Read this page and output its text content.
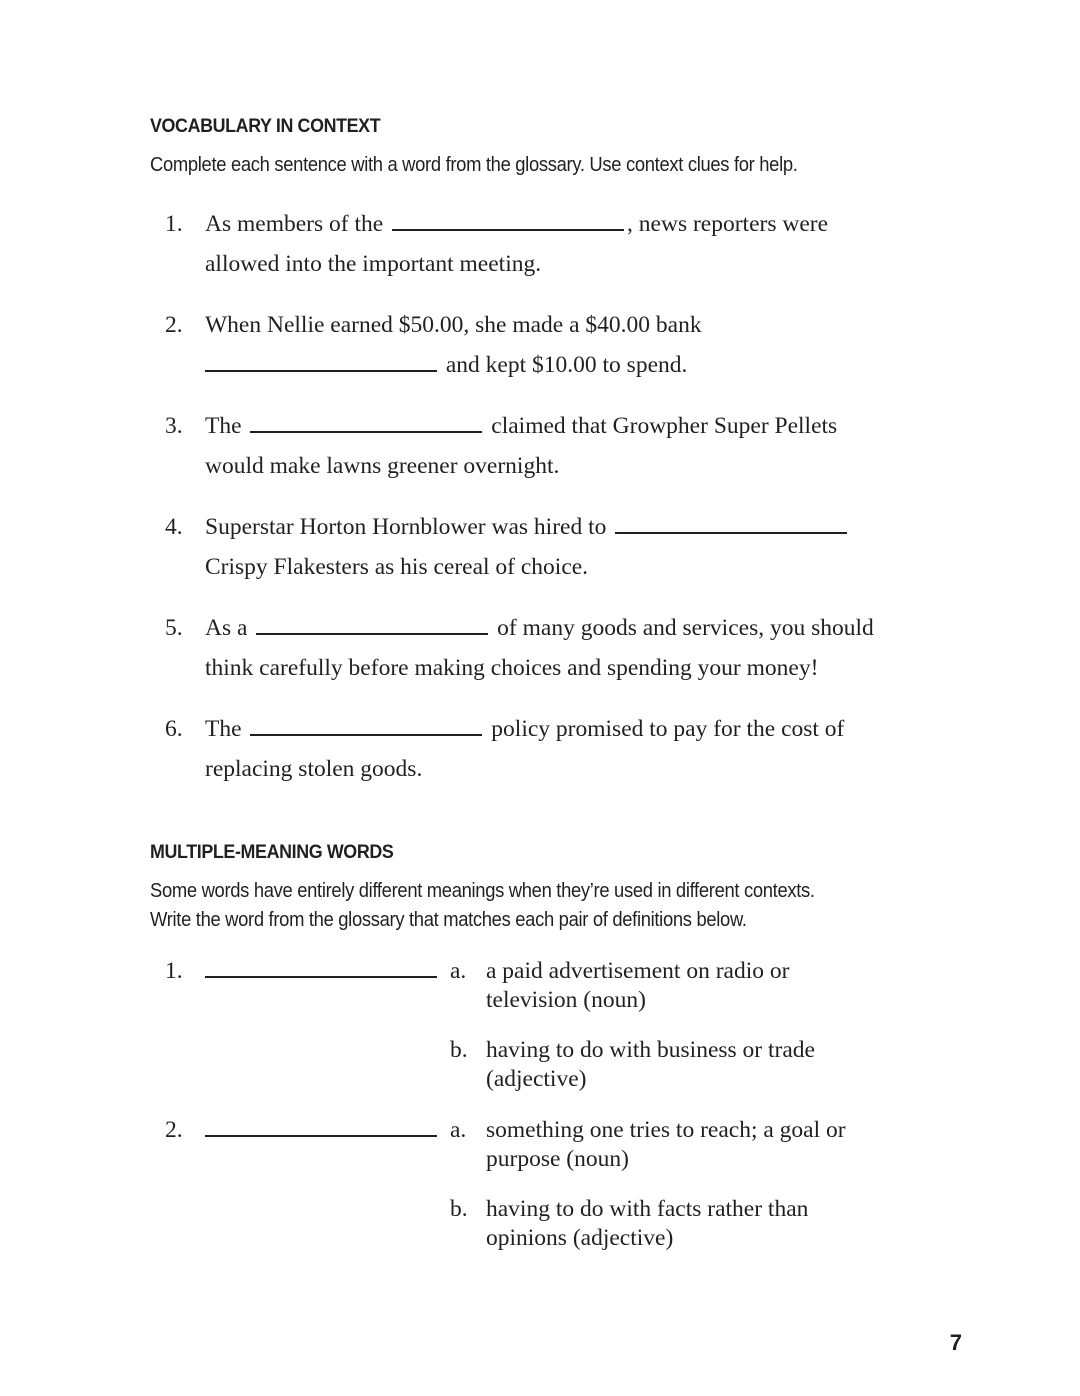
VOCABULARY IN CONTEXT
Complete each sentence with a word from the glossary. Use context clues for help.
1. As members of the	, news reporters were
allowed into the important meeting.
2. When Nellie earned $50.00, she made a $40.00 bank
and kept $10.00 to spend.
3. The	claimed that Growpher Super Pellets
would make lawns greener overnight.
4. Superstar Horton Hornblower was hired to
Crispy Flakesters as his cereal of choice.
5. As a	of many goods and services, you should
think carefully before making choices and spending your money!
6. The	policy promised to pay for the cost of
replacing stolen goods.
MULTIPLE-MEANING WORDS
Some words have entirely different meanings when they’re used in different contexts.
Write the word from the glossary that matches each pair of definitions below.
1.	a. a paid advertisement on radio or
television (noun)
b. having to do with business or trade
(adjective)
2.	a. something one tries to reach; a goal or
purpose (noun)
b. having to do with facts rather than
opinions (adjective)
7
